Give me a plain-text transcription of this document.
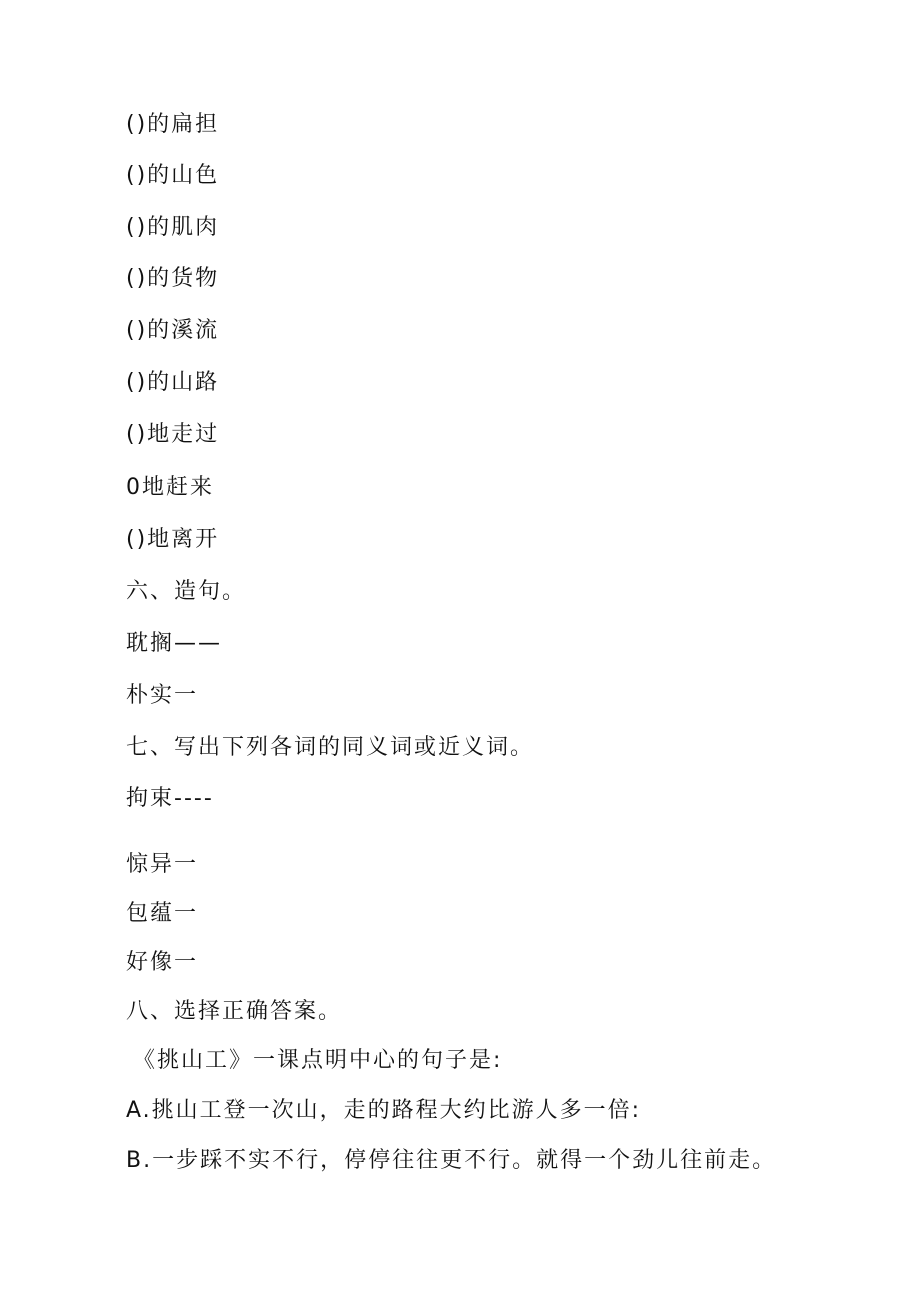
()的扁担
()的山色
()的肌肉
()的货物
()的溪流
()的山路
()地走过
0地赶来
()地离开
六、造句。
耽搁——
朴实一
七、写出下列各词的同义词或近义词。
拘束----
惊异一
包蕴一
好像一
八、选择正确答案。
《挑山工》一课点明中心的句子是:
A.挑山工登一次山，走的路程大约比游人多一倍:
B.一步踩不实不行，停停往往更不行。就得一个劲儿往前走。
